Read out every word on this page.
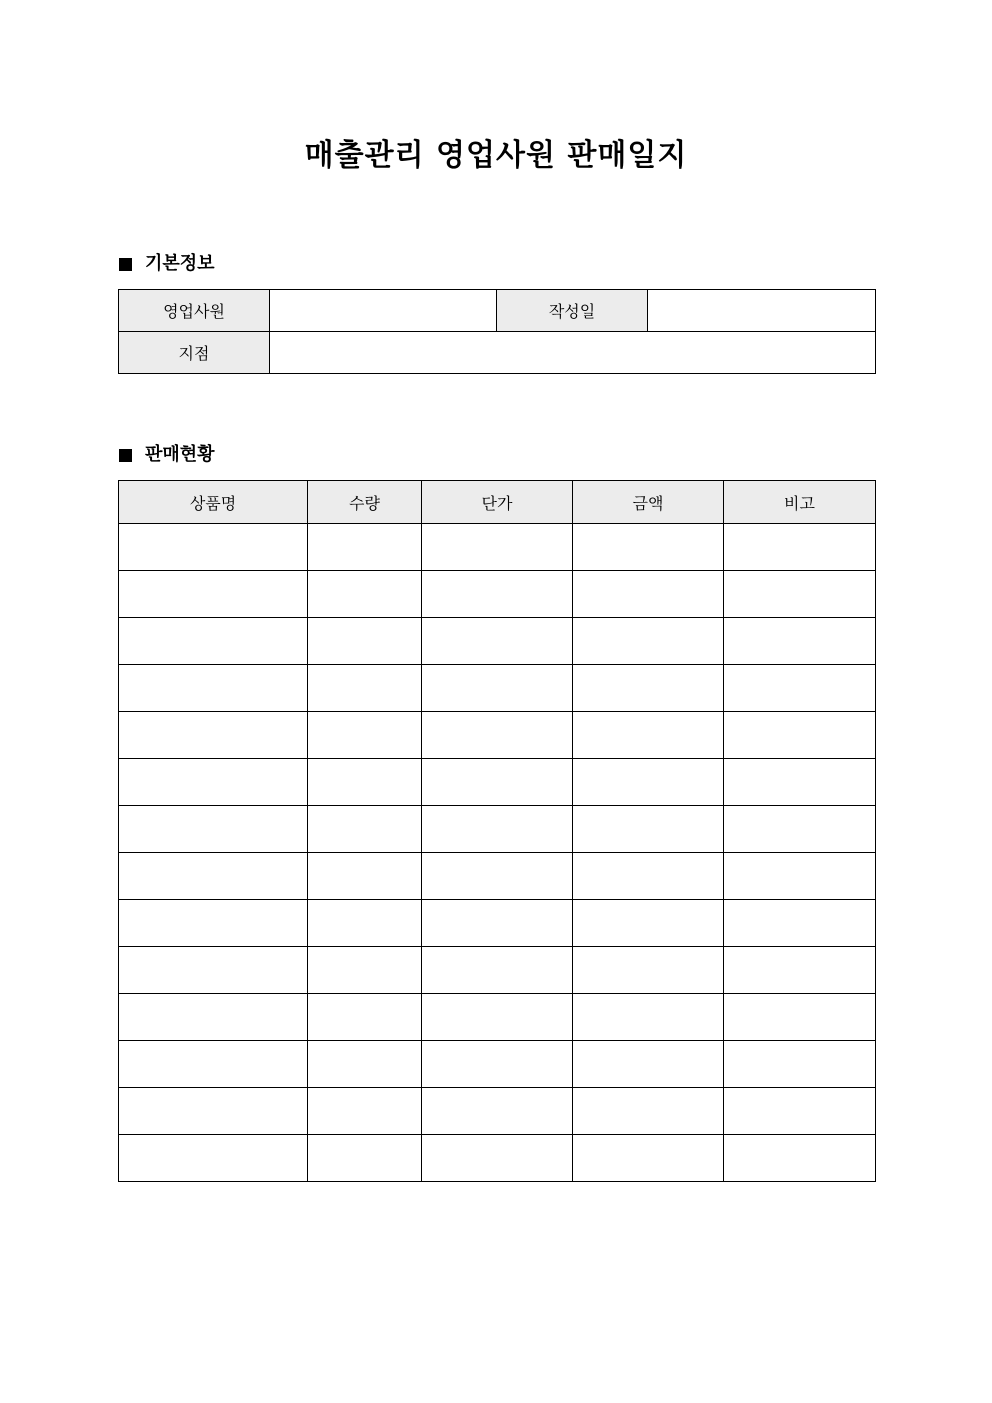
매출관리 영업사원 판매일지
기본정보
영업사원		작성일	
지점			
판매현황
상품명	수량	단가	금액	비고
